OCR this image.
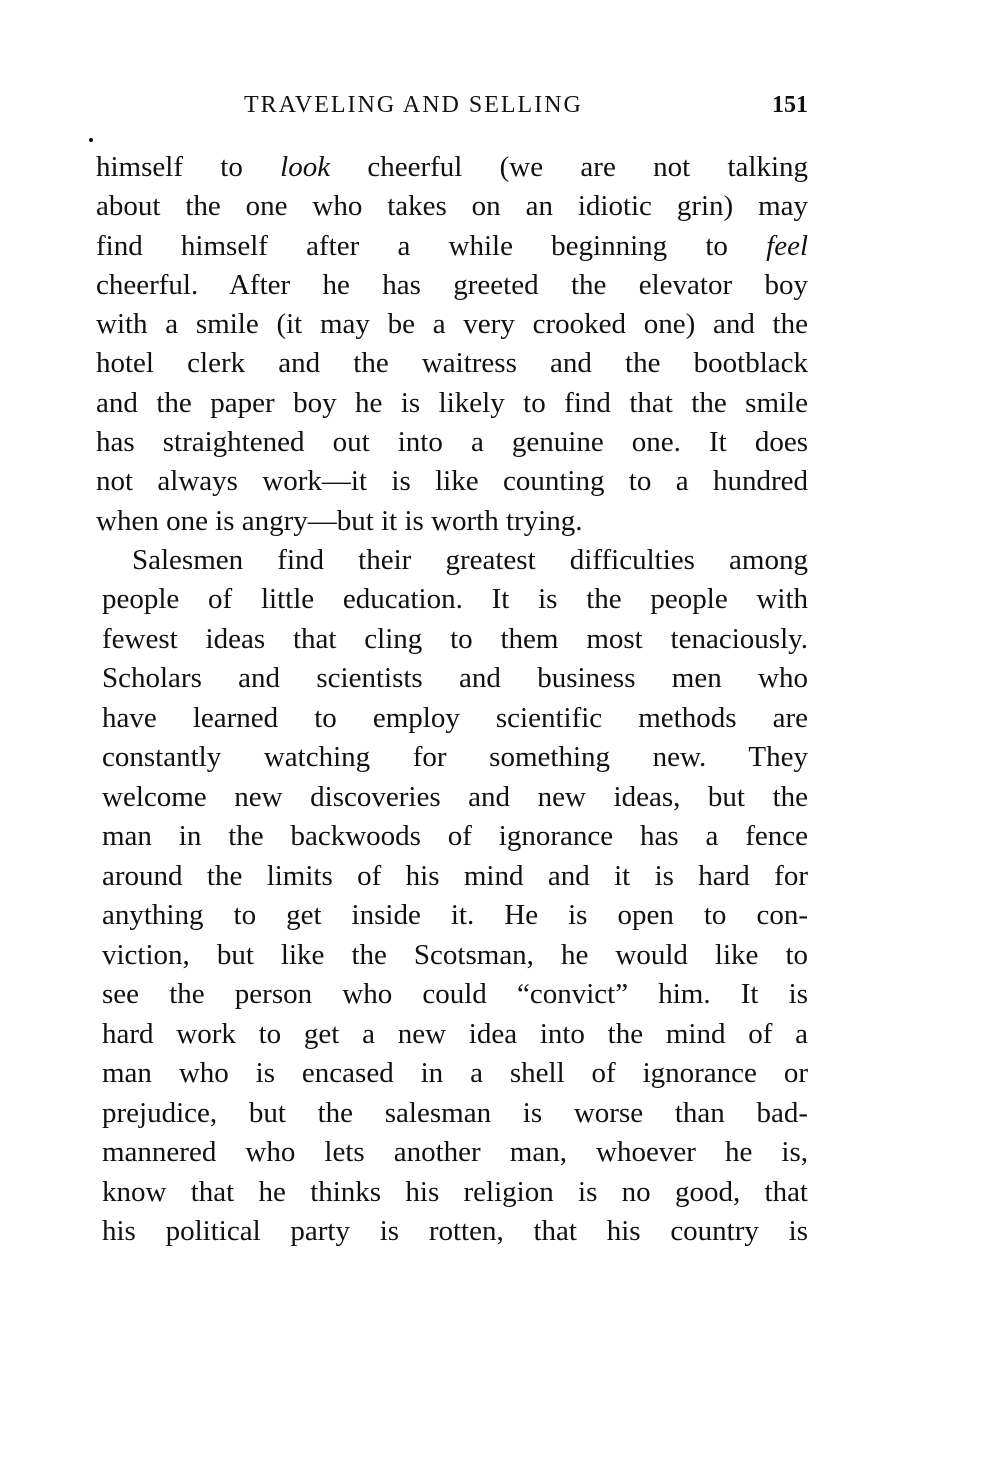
TRAVELING AND SELLING	151
himself to look cheerful (we are not talking
about the one who takes on an idiotic grin) may
find himself after a while beginning to feel
cheerful. After he has greeted the elevator boy
with a smile (it may be a very crooked one) and the
hotel clerk and the waitress and the bootblack
and the paper boy he is likely to find that the smile
has straightened out into a genuine one. It does
not always work—it is like counting to a hundred
when one is angry—but it is worth trying.
Salesmen find their greatest difficulties among
people of little education. It is the people with
fewest ideas that cling to them most tenaciously.
Scholars and scientists and business men who
have learned to employ scientific methods are
constantly watching for something new. They
welcome new discoveries and new ideas, but the
man in the backwoods of ignorance has a fence
around the limits of his mind and it is hard for
anything to get inside it. He is open to con-
viction, but like the Scotsman, he would like to
see the person who could “convict” him. It is
hard work to get a new idea into the mind of a
man who is encased in a shell of ignorance or
prejudice, but the salesman is worse than bad-
mannered who lets another man, whoever he is,
know that he thinks his religion is no good, that
his political party is rotten, that his country is
